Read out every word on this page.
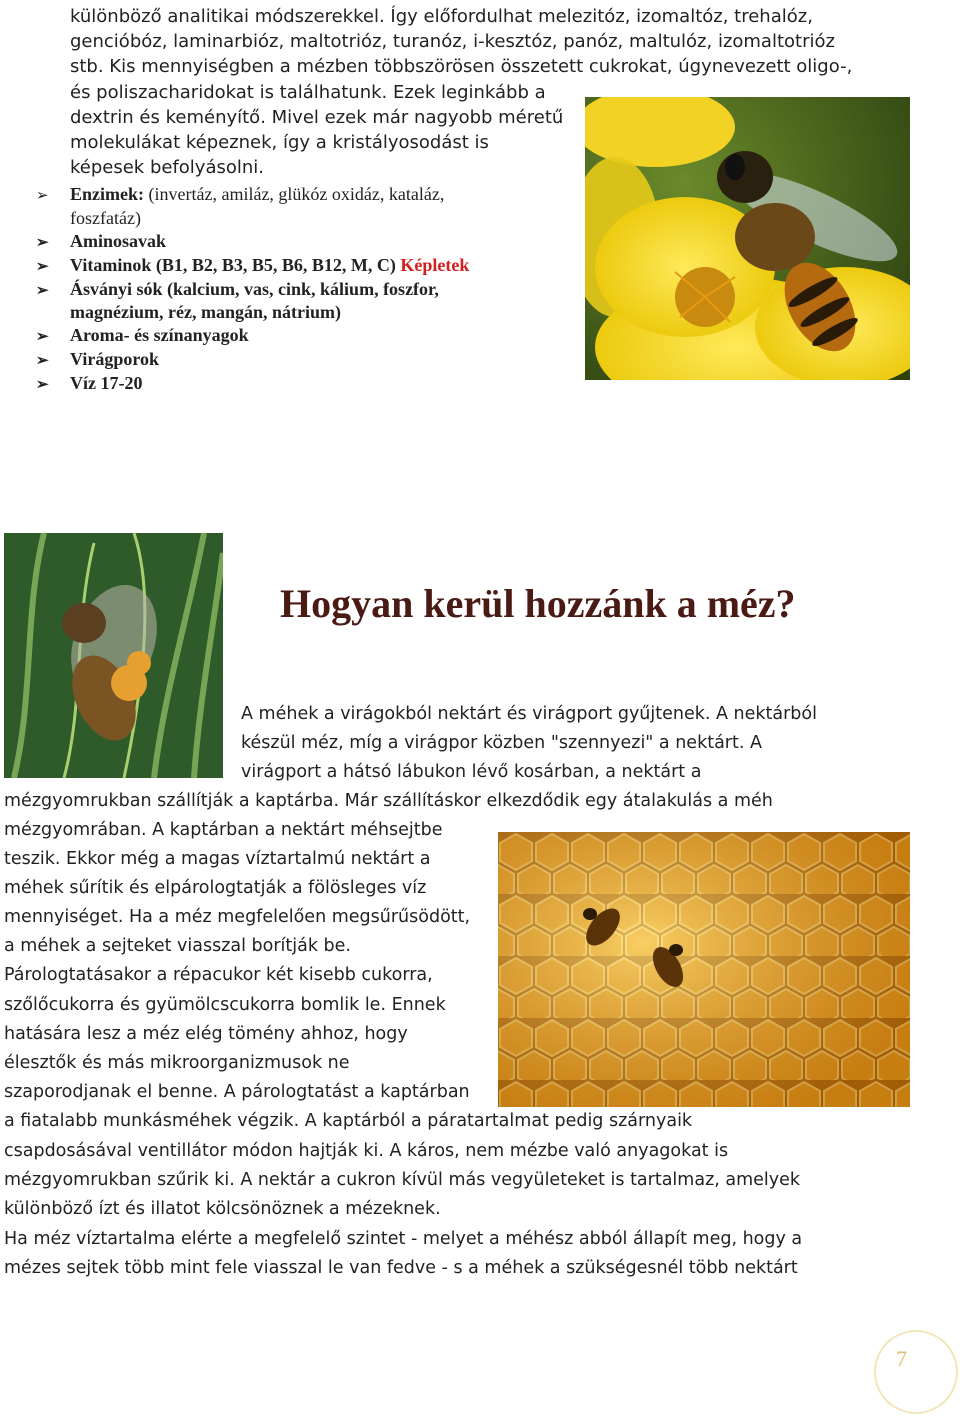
különböző analitikai módszerekkel. Így előfordulhat melezitóz, izomaltóz, trehalóz,
gencióbóz, laminarbióz, maltotrióz, turanóz, i-kesztóz, panóz, maltulóz, izomaltotrióz
stb. Kis mennyiségben a mézben többszörösen összetett cukrokat, úgynevezett oligo-,
és poliszacharidokat is találhatunk. Ezek leginkább a
dextrin és keményítő. Mivel ezek már nagyobb méretű
molekulákat képeznek, így a kristályosodást is
képesek befolyásolni.
➢ Enzimek: (invertáz, amiláz, glükóz oxidáz, kataláz,
foszfatáz)
➢ Aminosavak
➢ Vitaminok (B1, B2, B3, B5, B6, B12, M, C) Képletek
➢ Ásványi sók (kalcium, vas, cink, kálium, foszfor,
magnézium, réz, mangán, nátrium)
➢ Aroma- és színanyagok
➢ Virágporok
➢ Víz 17-20
Hogyan kerül hozzánk a méz?
A méhek a virágokból nektárt és virágport gyűjtenek. A nektárból
készül méz, míg a virágpor közben "szennyezi" a nektárt. A
virágport a hátsó lábukon lévő kosárban, a nektárt a
mézgyomrukban szállítják a kaptárba. Már szállításkor elkezdődik egy átalakulás a méh
mézgyomrában. A kaptárban a nektárt méhsejtbe
teszik. Ekkor még a magas víztartalmú nektárt a
méhek sűrítik és elpárologtatják a fölösleges víz
mennyiséget. Ha a méz megfelelően megsűrűsödött,
a méhek a sejteket viasszal borítják be.
Párologtatásakor a répacukor két kisebb cukorra,
szőlőcukorra és gyümölcscukorra bomlik le. Ennek
hatására lesz a méz elég tömény ahhoz, hogy
élesztők és más mikroorganizmusok ne
szaporodjanak el benne. A párologtatást a kaptárban
a fiatalabb munkásméhek végzik. A kaptárból a páratartalmat pedig szárnyaik
csapdosásával ventillátor módon hajtják ki. A káros, nem mézbe való anyagokat is
mézgyomrukban szűrik ki. A nektár a cukron kívül más vegyületeket is tartalmaz, amelyek
különböző ízt és illatot kölcsönöznek a mézeknek.
Ha méz víztartalma elérte a megfelelő szintet - melyet a méhész abból állapít meg, hogy a
mézes sejtek több mint fele viasszal le van fedve - s a méhek a szükségesnél több nektárt
7
